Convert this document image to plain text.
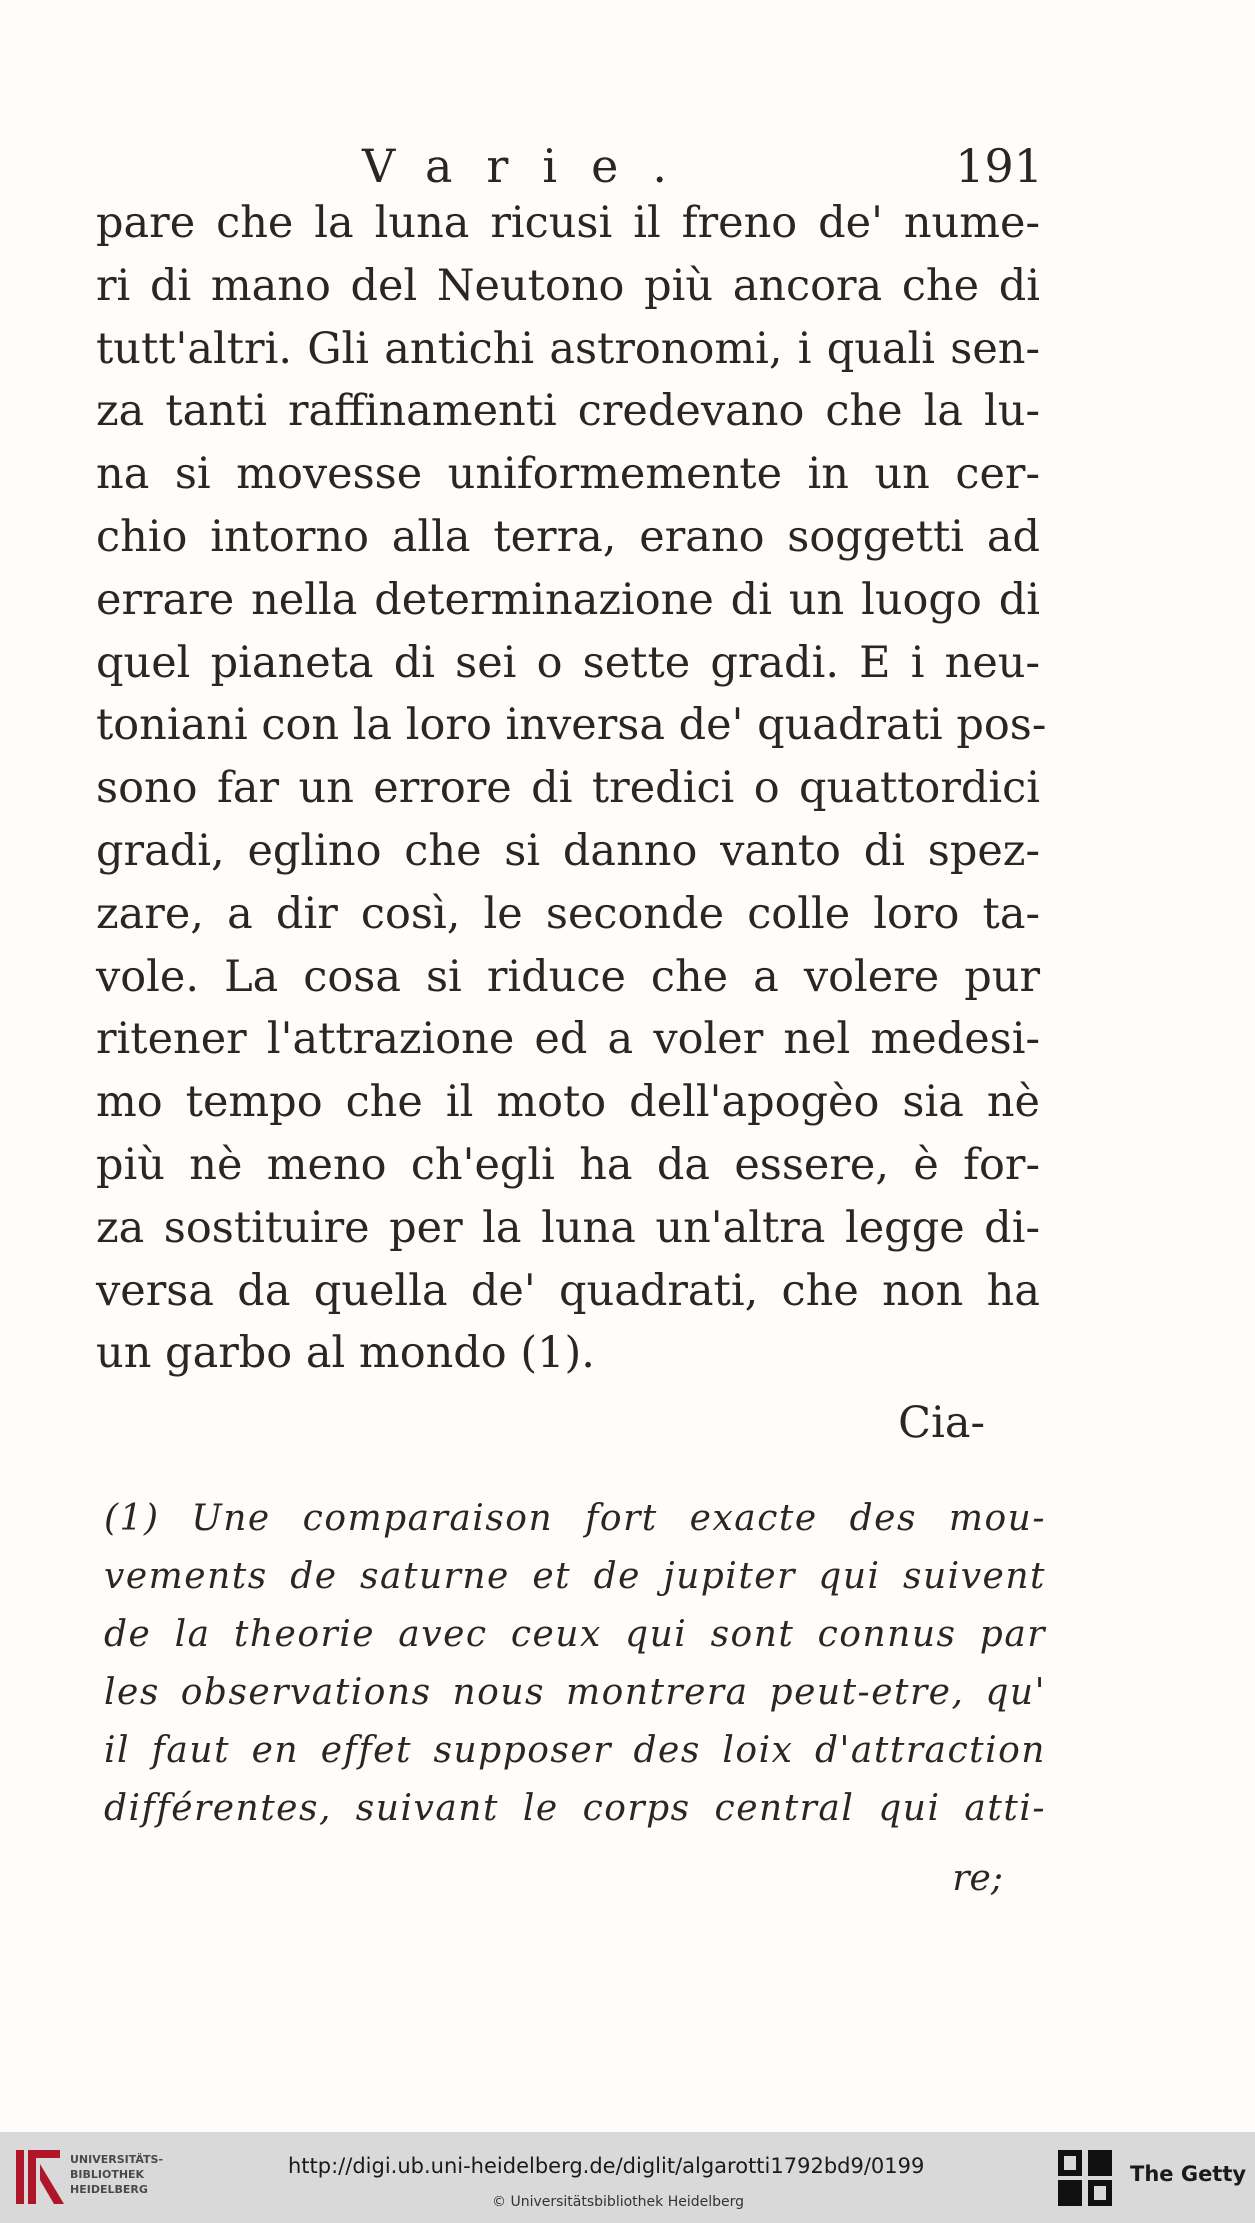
Varie.	191
pare che la luna ricusi il freno de' nume-
ri di mano del Neutono più ancora che di
tutt'altri. Gli antichi astronomi, i quali sen-
za tanti raffinamenti credevano che la lu-
na si movesse uniformemente in un cer-
chio intorno alla terra, erano soggetti ad
errare nella determinazione di un luogo di
quel pianeta di sei o sette gradi. E i neu-
toniani con la loro inversa de' quadrati pos-
sono far un errore di tredici o quattordici
gradi, eglino che si danno vanto di spez-
zare, a dir così, le seconde colle loro ta-
vole. La cosa si riduce che a volere pur
ritener l'attrazione ed a voler nel medesi-
mo tempo che il moto dell'apogèo sia nè
più nè meno ch'egli ha da essere, è for-
za sostituire per la luna un'altra legge di-
versa da quella de' quadrati, che non ha
un garbo al mondo (1).
Cia-
(1) Une comparaison fort exacte des mou-
vements de saturne et de jupiter qui suivent
de la theorie avec ceux qui sont connus par
les observations nous montrera peut-etre, qu'
il faut en effet supposer des loix d'attraction
différentes, suivant le corps central qui atti-
re;
UNIVERSITÄTS-
BIBLIOTHEK
HEIDELBERG
http://digi.ub.uni-heidelberg.de/diglit/algarotti1792bd9/0199
© Universitätsbibliothek Heidelberg
The Getty
